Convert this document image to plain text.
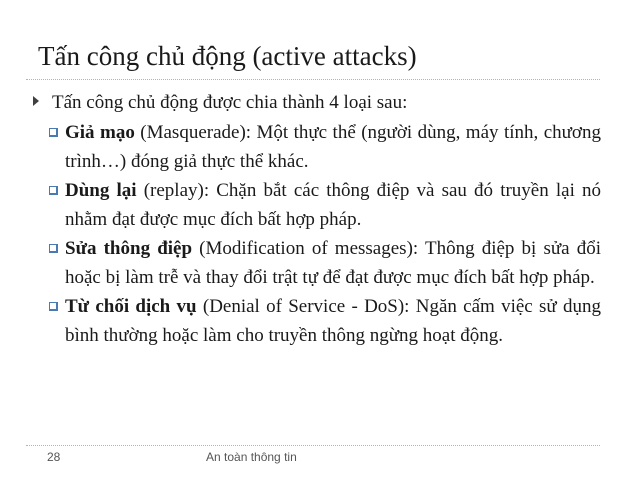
Tấn công chủ động (active attacks)
Tấn công chủ động được chia thành 4 loại sau:
Giả mạo (Masquerade): Một thực thể (người dùng, máy tính, chương trình…) đóng giả thực thể khác.
Dùng lại (replay): Chặn bắt các thông điệp và sau đó truyền lại nó nhằm đạt được mục đích bất hợp pháp.
Sửa thông điệp (Modification of messages): Thông điệp bị sửa đổi hoặc bị làm trễ và thay đổi trật tự để đạt được mục đích bất hợp pháp.
Từ chối dịch vụ (Denial of Service - DoS): Ngăn cấm việc sử dụng bình thường hoặc làm cho truyền thông ngừng hoạt động.
28	An toàn thông tin
